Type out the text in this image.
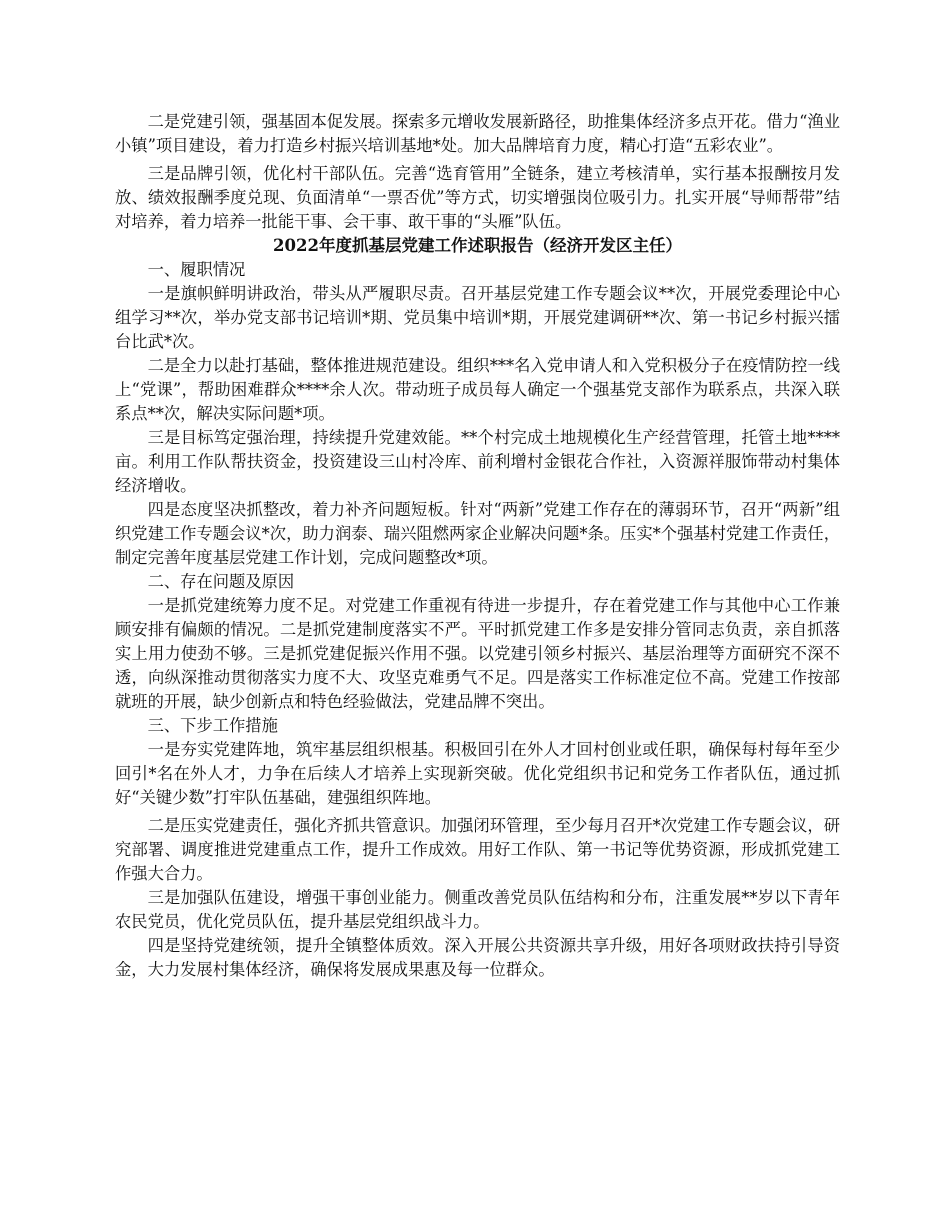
二是党建引领，强基固本促发展。探索多元增收发展新路径，助推集体经济多点开花。借力“渔业小镇”项目建设，着力打造乡村振兴培训基地*处。加大品牌培育力度，精心打造“五彩农业”。

三是品牌引领，优化村干部队伍。完善“选育管用”全链条，建立考核清单，实行基本报酬按月发放、绩效报酬季度兑现、负面清单“一票否优”等方式，切实增强岗位吸引力。扎实开展“导师帮带”结对培养，着力培养一批能干事、会干事、敢干事的“头雁”队伍。

2022年度抓基层党建工作述职报告（经济开发区主任）

一、履职情况

一是旗帜鲜明讲政治，带头从严履职尽责。召开基层党建工作专题会议**次，开展党委理论中心组学习**次，举办党支部书记培训*期、党员集中培训*期，开展党建调研**次、第一书记乡村振兴擂台比武*次。

二是全力以赴打基础，整体推进规范建设。组织***名入党申请人和入党积极分子在疫情防控一线上“党课”，帮助困难群众****余人次。带动班子成员每人确定一个强基党支部作为联系点，共深入联系点**次，解决实际问题*项。

三是目标笃定强治理，持续提升党建效能。**个村完成土地规模化生产经营管理，托管土地****亩。利用工作队帮扶资金，投资建设三山村冷库、前利增村金银花合作社，入资源祥服饰带动村集体经济增收。

四是态度坚决抓整改，着力补齐问题短板。针对“两新”党建工作存在的薄弱环节，召开“两新”组织党建工作专题会议*次，助力润泰、瑞兴阻燃两家企业解决问题*条。压实*个强基村党建工作责任，制定完善年度基层党建工作计划，完成问题整改*项。

二、存在问题及原因

一是抓党建统筹力度不足。对党建工作重视有待进一步提升，存在着党建工作与其他中心工作兼顾安排有偏颇的情况。二是抓党建制度落实不严。平时抓党建工作多是安排分管同志负责，亲自抓落实上用力使劲不够。三是抓党建促振兴作用不强。以党建引领乡村振兴、基层治理等方面研究不深不透，向纵深推动贯彻落实力度不大、攻坚克难勇气不足。四是落实工作标准定位不高。党建工作按部就班的开展，缺少创新点和特色经验做法，党建品牌不突出。

三、下步工作措施

一是夯实党建阵地，筑牢基层组织根基。积极回引在外人才回村创业或任职，确保每村每年至少回引*名在外人才，力争在后续人才培养上实现新突破。优化党组织书记和党务工作者队伍，通过抓好“关键少数”打牢队伍基础，建强组织阵地。

二是压实党建责任，强化齐抓共管意识。加强闭环管理，至少每月召开*次党建工作专题会议，研究部署、调度推进党建重点工作，提升工作成效。用好工作队、第一书记等优势资源，形成抓党建工作强大合力。

三是加强队伍建设，增强干事创业能力。侧重改善党员队伍结构和分布，注重发展**岁以下青年农民党员，优化党员队伍，提升基层党组织战斗力。

四是坚持党建统领，提升全镇整体质效。深入开展公共资源共享升级，用好各项财政扶持引导资金，大力发展村集体经济，确保将发展成果惠及每一位群众。
